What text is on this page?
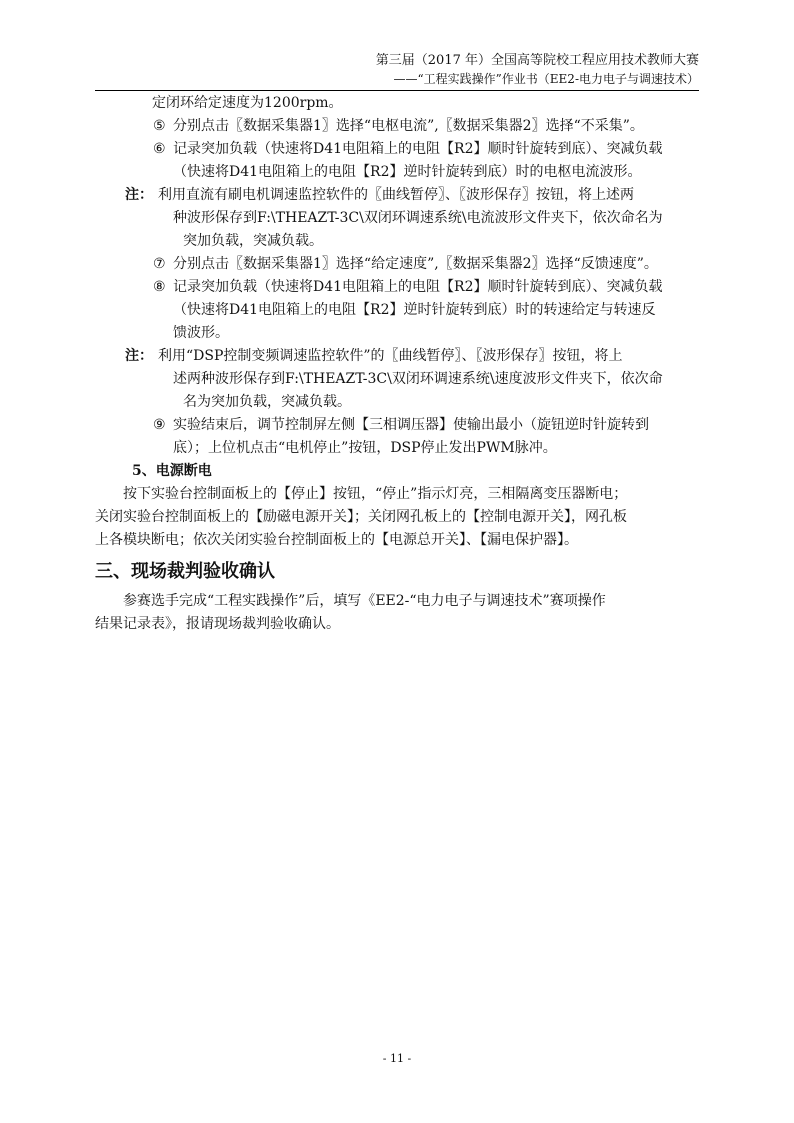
第三届（2017 年）全国高等院校工程应用技术教师大赛
——“工程实践操作”作业书（EE2-电力电子与调速技术）
定闭环给定速度为1200rpm。
⑤ 分别点击〖数据采集器1〗选择“电枢电流”,〖数据采集器2〗选择“不采集”。
⑥ 记录突加负载（快速将D41电阻箱上的电阻【R2】顺时针旋转到底）、突减负载
（快速将D41电阻箱上的电阻【R2】逆时针旋转到底）时的电枢电流波形。
注： 利用直流有刷电机调速监控软件的〖曲线暂停〗、〖波形保存〗按钮，将上述两
种波形保存到F:\THEAZT-3C\双闭环调速系统\电流波形文件夹下，依次命名为
突加负载，突减负载。
⑦ 分别点击〖数据采集器1〗选择“给定速度”,〖数据采集器2〗选择“反馈速度”。
⑧ 记录突加负载（快速将D41电阻箱上的电阻【R2】顺时针旋转到底）、突减负载
（快速将D41电阻箱上的电阻【R2】逆时针旋转到底）时的转速给定与转速反
馈波形。
注： 利用“DSP控制变频调速监控软件”的〖曲线暂停〗、〖波形保存〗按钮，将上
述两种波形保存到F:\THEAZT-3C\双闭环调速系统\速度波形文件夹下，依次命
名为突加负载，突减负载。
⑨ 实验结束后，调节控制屏左侧【三相调压器】使输出最小（旋钮逆时针旋转到
底）；上位机点击“电机停止”按钮，DSP停止发出PWM脉冲。
5、电源断电
按下实验台控制面板上的【停止】按钮，“停止”指示灯亮，三相隔离变压器断电；
关闭实验台控制面板上的【励磁电源开关】；关闭网孔板上的【控制电源开关】，网孔板
上各模块断电；依次关闭实验台控制面板上的【电源总开关】、【漏电保护器】。
三、现场裁判验收确认
参赛选手完成“工程实践操作”后，填写《EE2-“电力电子与调速技术”赛项操作
结果记录表》，报请现场裁判验收确认。
- 11 -
